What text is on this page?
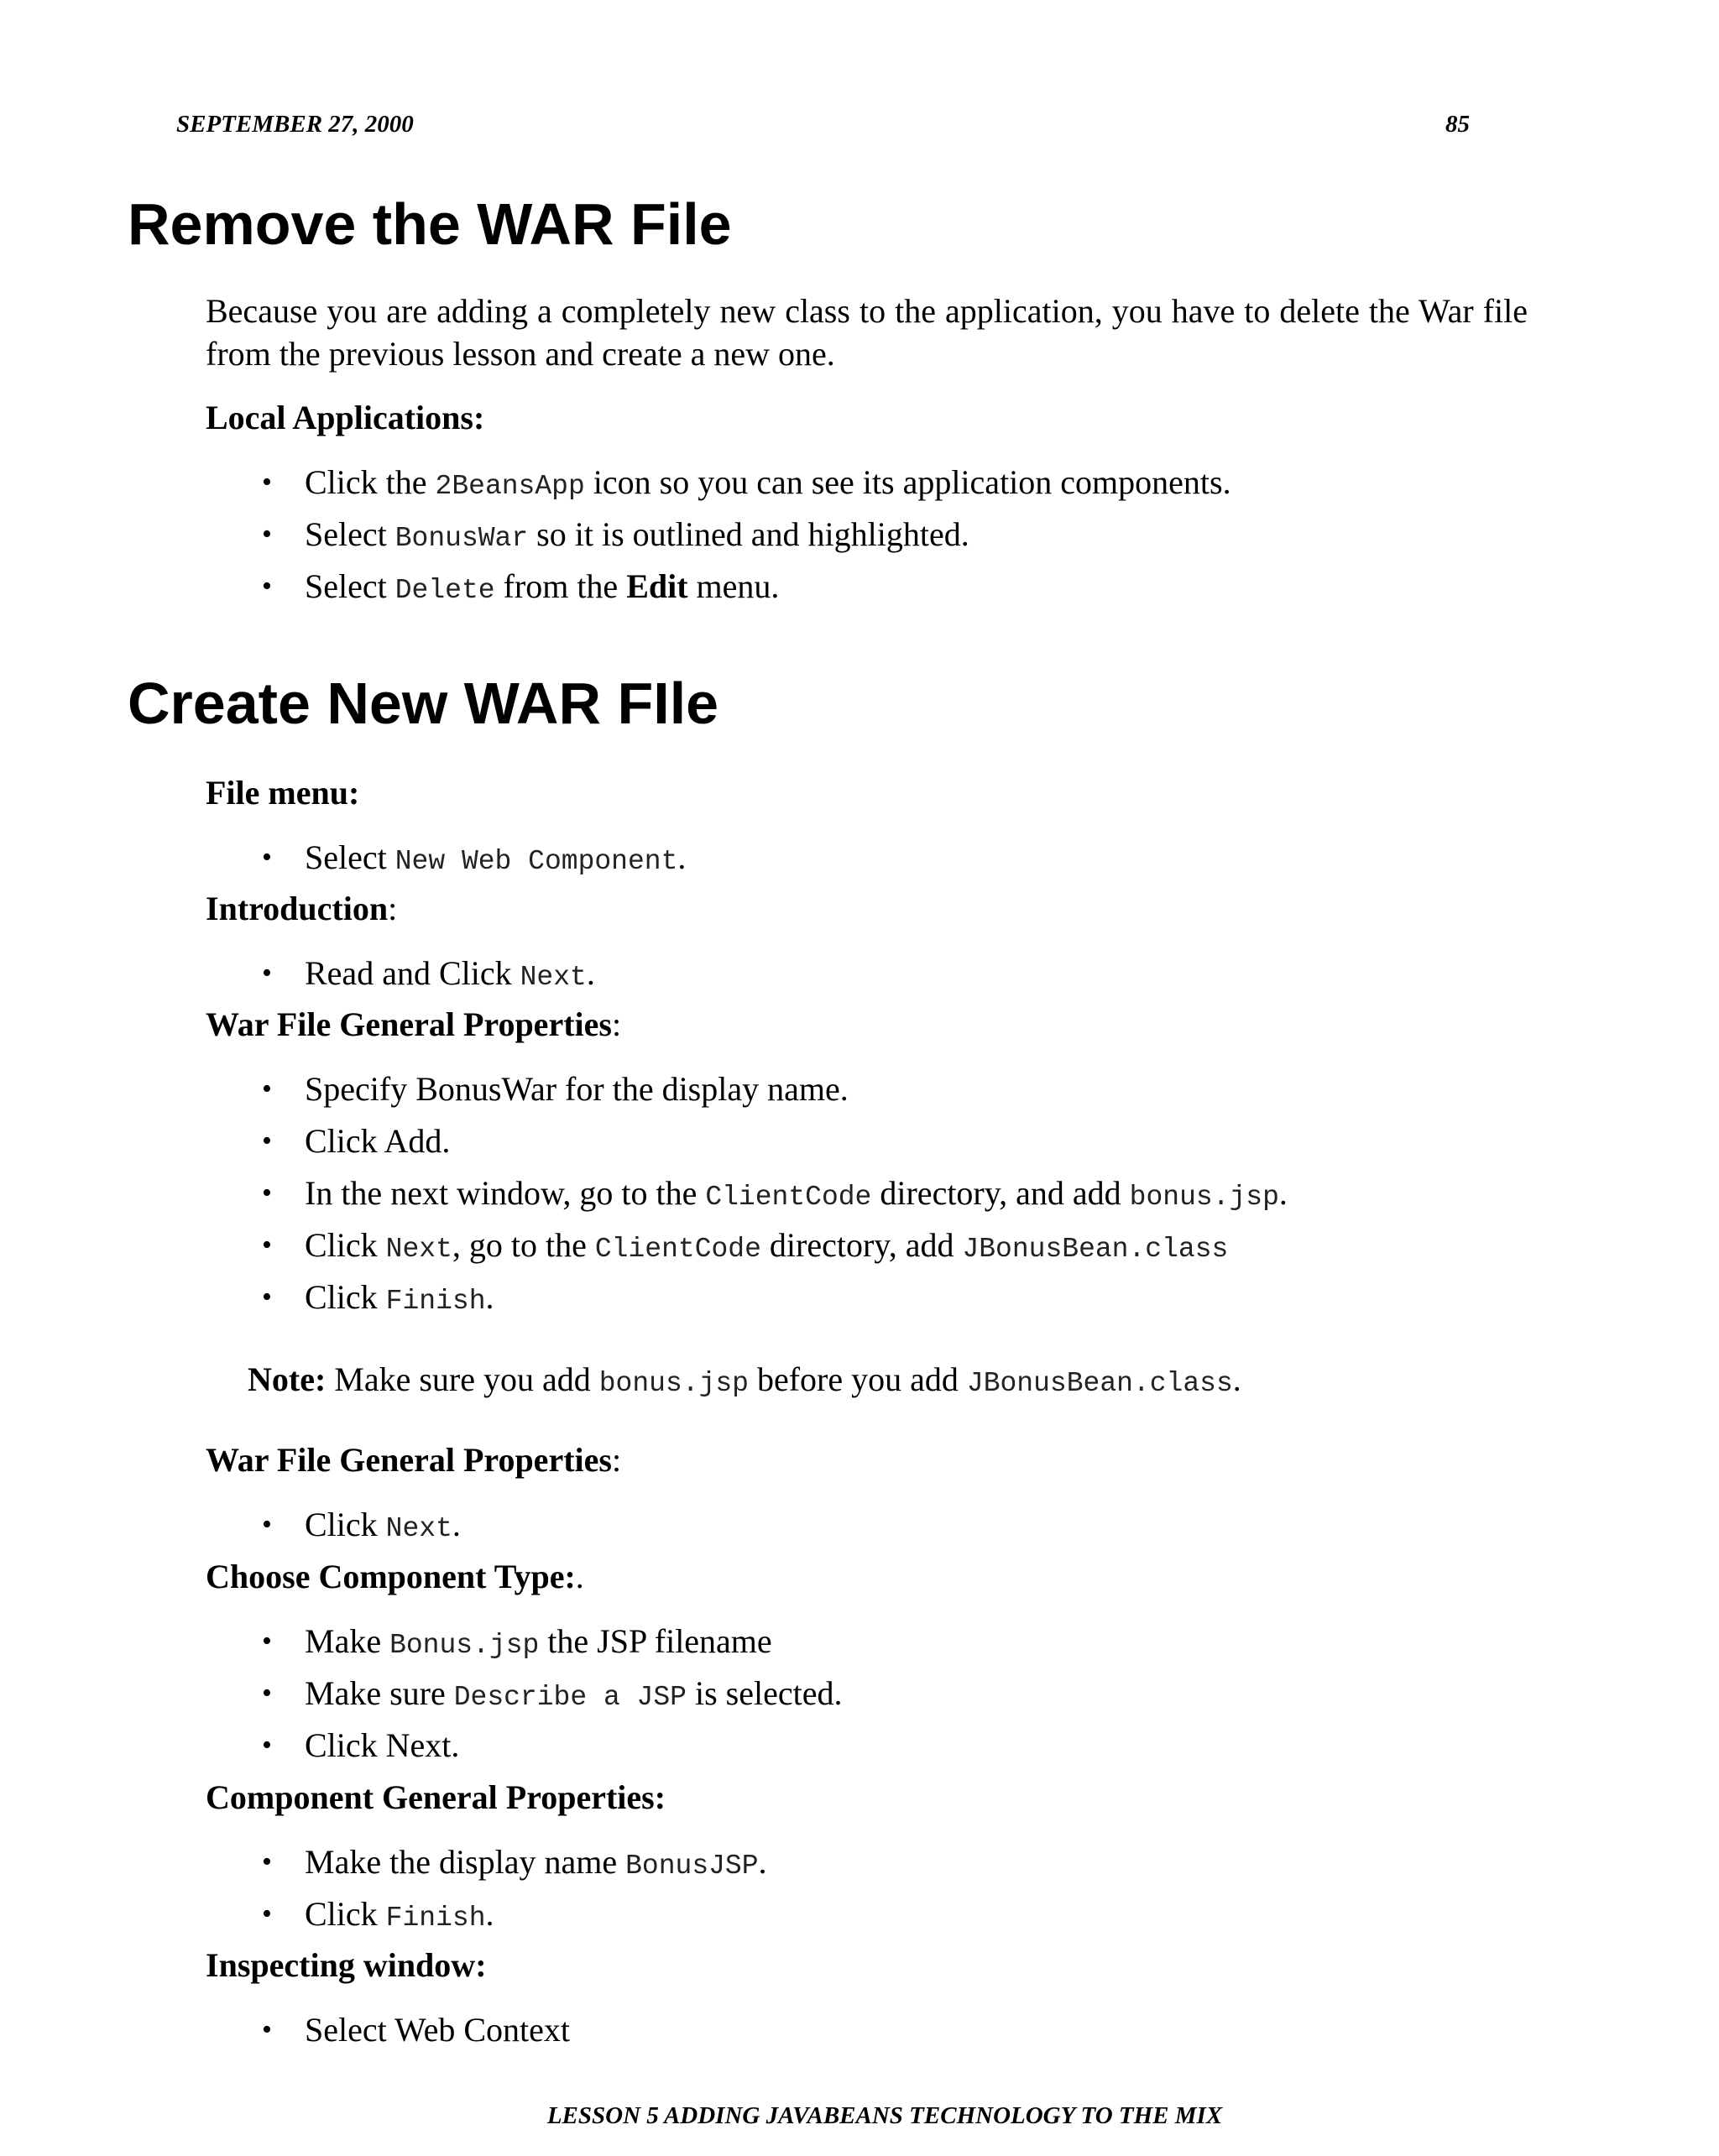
SEPTEMBER 27, 2000	85
Remove the WAR File
Because you are adding a completely new class to the application, you have to delete the War file from the previous lesson and create a new one.
Local Applications:
• Click the 2BeansApp icon so you can see its application components.
• Select BonusWar so it is outlined and highlighted.
• Select Delete from the Edit menu.
Create New WAR FIle
File menu:
• Select New Web Component.
Introduction:
• Read and Click Next.
War File General Properties:
• Specify BonusWar for the display name.
• Click Add.
• In the next window, go to the ClientCode directory, and add bonus.jsp.
• Click Next, go to the ClientCode directory, add JBonusBean.class
• Click Finish.
Note: Make sure you add bonus.jsp before you add JBonusBean.class.
War File General Properties:
• Click Next.
Choose Component Type:.
• Make Bonus.jsp the JSP filename
• Make sure Describe a JSP is selected.
• Click Next.
Component General Properties:
• Make the display name BonusJSP.
• Click Finish.
Inspecting window:
• Select Web Context
LESSON 5 ADDING JAVABEANS TECHNOLOGY TO THE MIX
